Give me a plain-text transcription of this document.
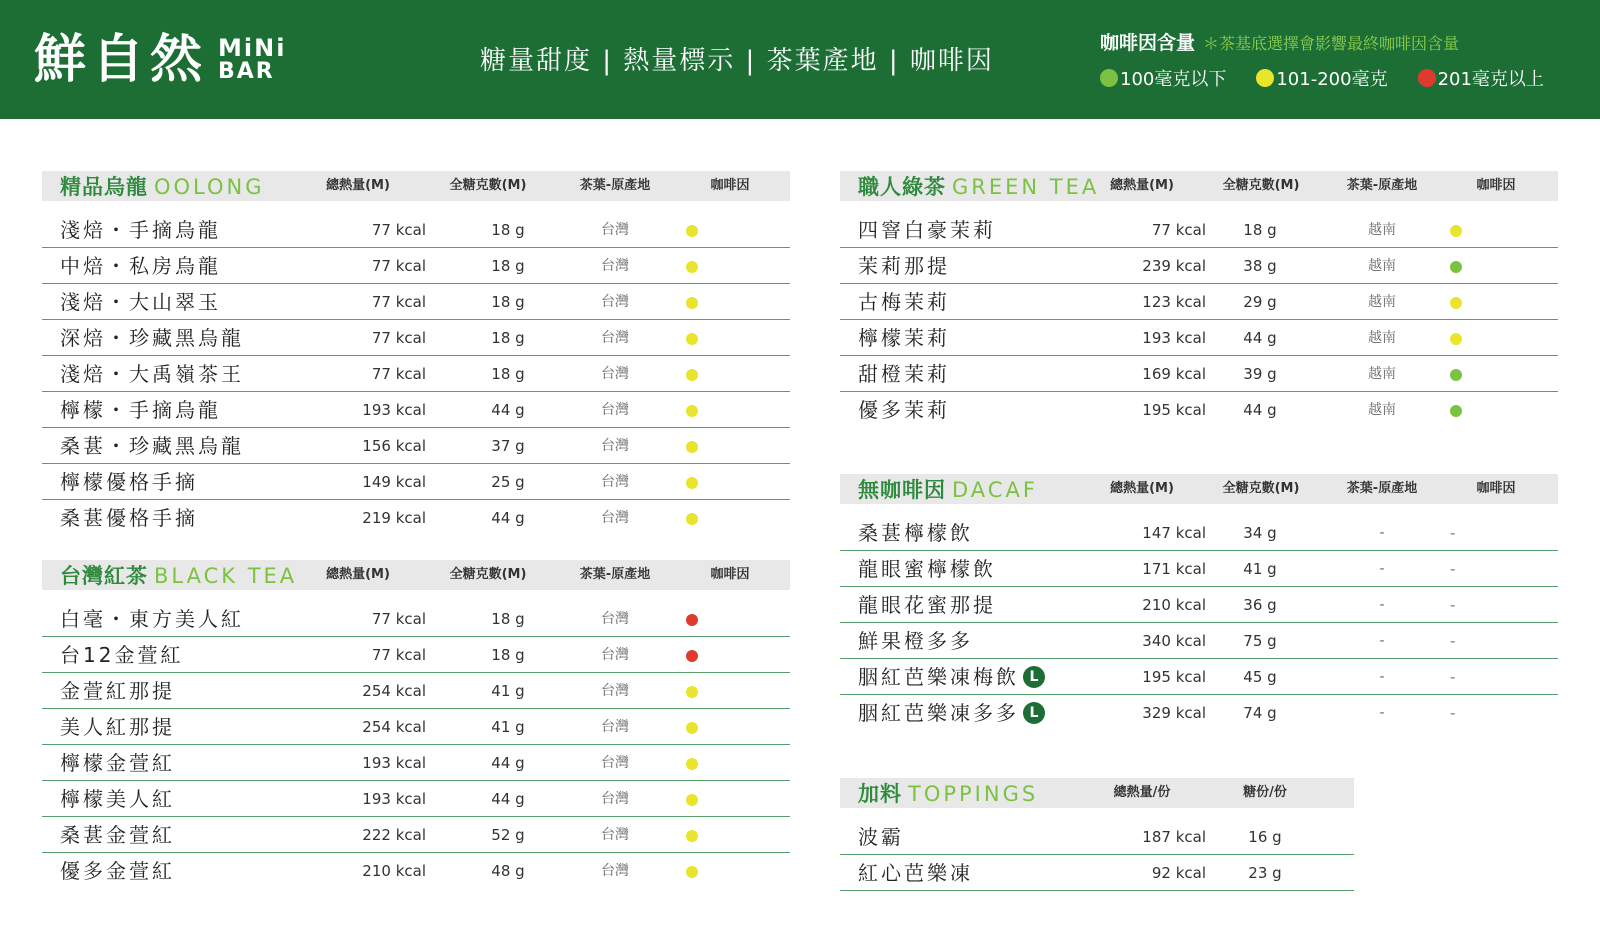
鮮自然 MiNi
BAR	糖量甜度 | 熱量標示 | 茶葉產地 | 咖啡因
咖啡因含量 ＊茶基底選擇會影響最終咖啡因含量
100毫克以下	101-200毫克	201毫克以上
精品烏龍 OOLONG	總熱量(M)	全糖克數(M)	茶葉-原產地	咖啡因
淺焙・手摘烏龍	77 kcal	18 g	台灣
中焙・私房烏龍	77 kcal	18 g	台灣
淺焙・大山翠玉	77 kcal	18 g	台灣
深焙・珍藏黑烏龍	77 kcal	18 g	台灣
淺焙・大禹嶺茶王	77 kcal	18 g	台灣
檸檬・手摘烏龍	193 kcal	44 g	台灣
桑葚・珍藏黑烏龍	156 kcal	37 g	台灣
檸檬優格手摘	149 kcal	25 g	台灣
桑葚優格手摘	219 kcal	44 g	台灣
台灣紅茶 BLACK TEA	總熱量(M)	全糖克數(M)	茶葉-原產地	咖啡因
白毫・東方美人紅	77 kcal	18 g	台灣
台12金萱紅	77 kcal	18 g	台灣
金萱紅那提	254 kcal	41 g	台灣
美人紅那提	254 kcal	41 g	台灣
檸檬金萱紅	193 kcal	44 g	台灣
檸檬美人紅	193 kcal	44 g	台灣
桑葚金萱紅	222 kcal	52 g	台灣
優多金萱紅	210 kcal	48 g	台灣
職人綠茶 GREEN TEA 總熱量(M)	全糖克數(M)	茶葉-原產地	咖啡因
四窨白豪茉莉	77 kcal	18 g	越南
茉莉那提	239 kcal	38 g	越南
古梅茉莉	123 kcal	29 g	越南
檸檬茉莉	193 kcal	44 g	越南
甜橙茉莉	169 kcal	39 g	越南
優多茉莉	195 kcal	44 g	越南
無咖啡因 DACAF	總熱量(M)	全糖克數(M)	茶葉-原產地	咖啡因
桑葚檸檬飲	147 kcal	34 g	-	-
龍眼蜜檸檬飲	171 kcal	41 g	-	-
龍眼花蜜那提	210 kcal	36 g	-	-
鮮果橙多多	340 kcal	75 g	-	-
胭紅芭樂凍梅飲 L	195 kcal	45 g	-	-
胭紅芭樂凍多多 L	329 kcal	74 g	-	-
加料 TOPPINGS	總熱量/份	糖份/份
波霸	187 kcal	16 g
紅心芭樂凍	92 kcal	23 g
